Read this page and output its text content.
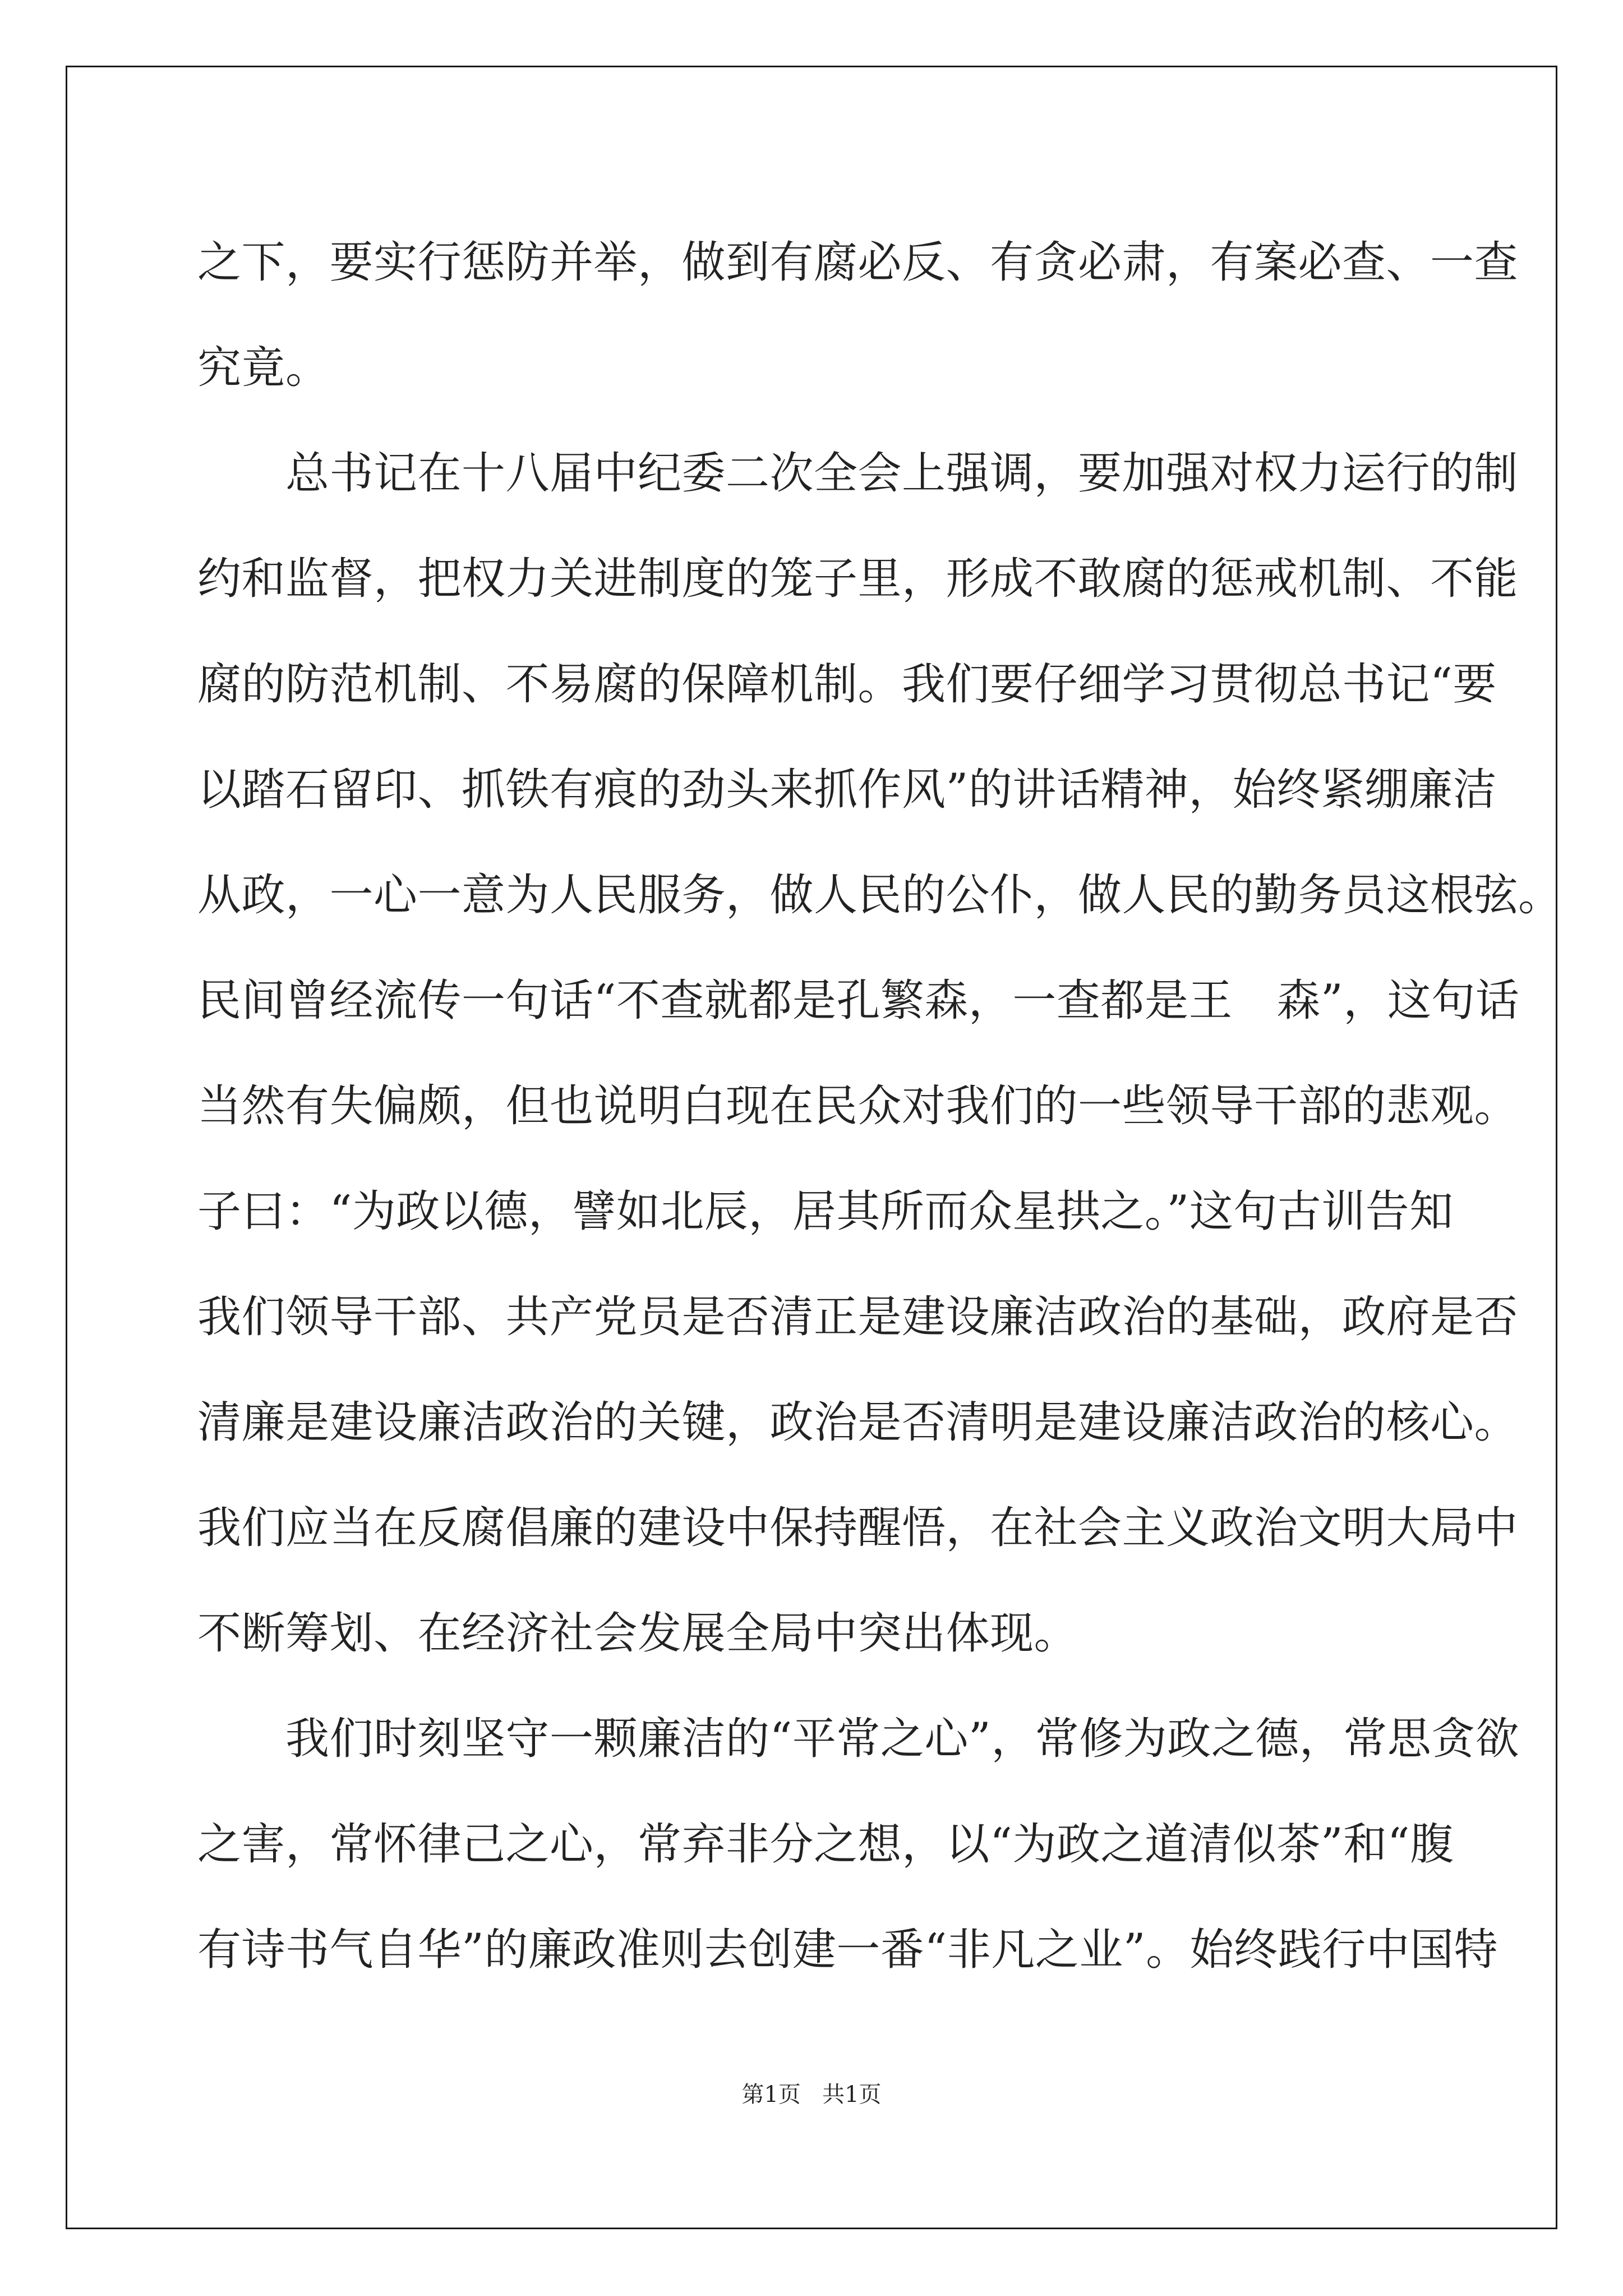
之下，要实行惩防并举，做到有腐必反、有贪必肃，有案必查、一查
究竟。
　　总书记在十八届中纪委二次全会上强调，要加强对权力运行的制
约和监督，把权力关进制度的笼子里，形成不敢腐的惩戒机制、不能
腐的防范机制、不易腐的保障机制。我们要仔细学习贯彻总书记“要
以踏石留印、抓铁有痕的劲头来抓作风”的讲话精神，始终紧绷廉洁
从政，一心一意为人民服务，做人民的公仆，做人民的勤务员这根弦。
民间曾经流传一句话“不查就都是孔繁森，一查都是王　森”，这句话
当然有失偏颇，但也说明白现在民众对我们的一些领导干部的悲观。
子曰：“为政以德，譬如北辰，居其所而众星拱之。”这句古训告知
我们领导干部、共产党员是否清正是建设廉洁政治的基础，政府是否
清廉是建设廉洁政治的关键，政治是否清明是建设廉洁政治的核心。
我们应当在反腐倡廉的建设中保持醒悟，在社会主义政治文明大局中
不断筹划、在经济社会发展全局中突出体现。
　　我们时刻坚守一颗廉洁的“平常之心”，常修为政之德，常思贪欲
之害，常怀律己之心，常弃非分之想，以“为政之道清似茶”和“腹
有诗书气自华”的廉政准则去创建一番“非凡之业”。始终践行中国特
第1页 共1页
